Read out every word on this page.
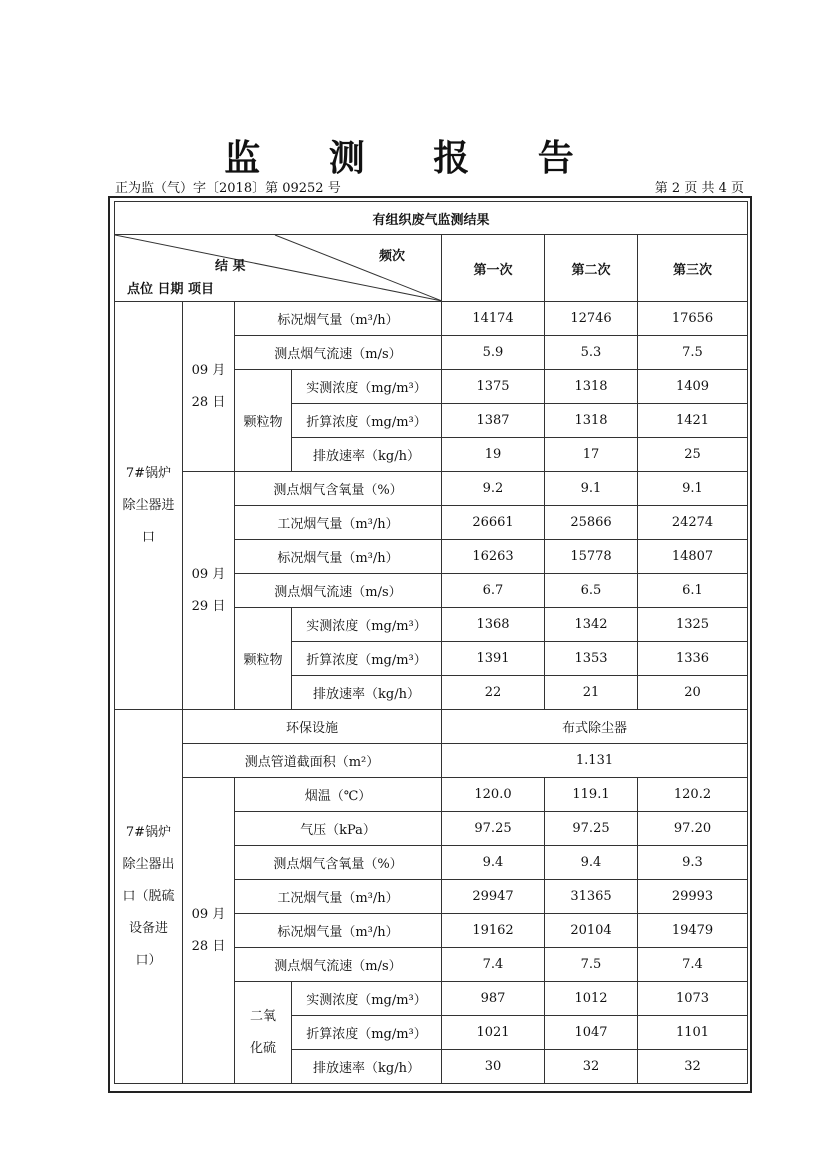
监 测 报 告
正为监（气）字〔2018〕第 09252 号	第 2 页 共 4 页
有组织废气监测结果						

频次
结 果
点位 日期 项目				第一次	第二次	第三次

7#锅炉除尘器进口	09 月 28 日	标况烟气量（m³/h）		14174	12746	17656
		测点烟气流速（m/s）		5.9	5.3	7.5
		颗粒物	实测浓度（mg/m³）	1375	1318	1409
			折算浓度（mg/m³）	1387	1318	1421
			排放速率（kg/h）	19	17	25

	09 月 29 日	测点烟气含氧量（%）		9.2	9.1	9.1
		工况烟气量（m³/h）		26661	25866	24274
		标况烟气量（m³/h）		16263	15778	14807
		测点烟气流速（m/s）		6.7	6.5	6.1
		颗粒物	实测浓度（mg/m³）	1368	1342	1325
			折算浓度（mg/m³）	1391	1353	1336
			排放速率（kg/h）	22	21	20

7#锅炉除尘器出口（脱硫设备进口）	环保设施			布式除尘器		
	测点管道截面积（m²）			1.131		

	09 月 28 日	烟温（℃）		120.0	119.1	120.2
		气压（kPa）		97.25	97.25	97.20
		测点烟气含氧量（%）		9.4	9.4	9.3
		工况烟气量（m³/h）		29947	31365	29993
		标况烟气量（m³/h）		19162	20104	19479
		测点烟气流速（m/s）		7.4	7.5	7.4

		二氧化硫	实测浓度（mg/m³）	987	1012	1073
			折算浓度（mg/m³）	1021	1047	1101
			排放速率（kg/h）	30	32	32
